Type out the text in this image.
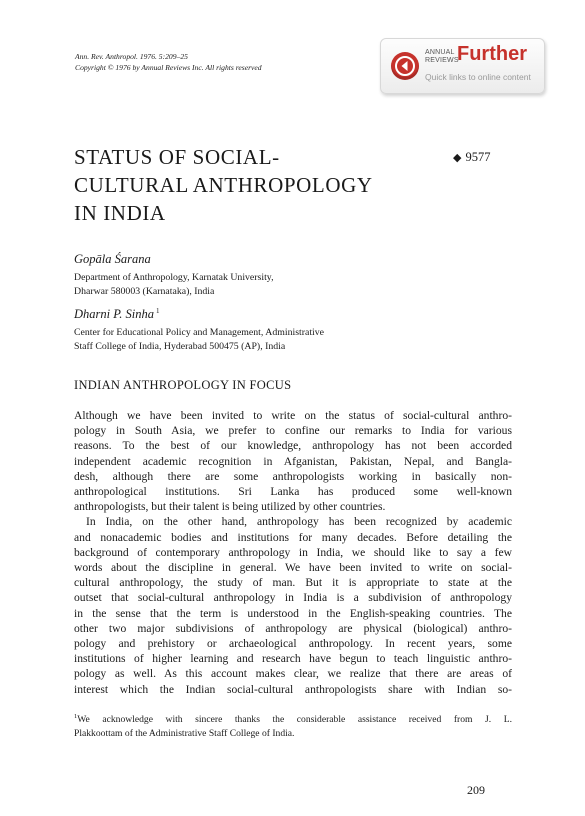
Ann. Rev. Anthropol. 1976. 5:209–25
Copyright © 1976 by Annual Reviews Inc. All rights reserved
ANNUAL
REVIEWS
Further
Quick links to online content
STATUS OF SOCIAL-
CULTURAL ANTHROPOLOGY
IN INDIA
◆ 9577
Gopāla Śarana
Department of Anthropology, Karnatak University,
Dharwar 580003 (Karnataka), India
Dharni P. Sinha $^1$
Center for Educational Policy and Management, Administrative
Staff College of India, Hyderabad 500475 (AP), India
INDIAN ANTHROPOLOGY IN FOCUS
Although we have been invited to write on the status of social-cultural anthro-
pology in South Asia, we prefer to confine our remarks to India for various
reasons. To the best of our knowledge, anthropology has not been accorded
independent academic recognition in Afganistan, Pakistan, Nepal, and Bangla-
desh, although there are some anthropologists working in basically non-
anthropological institutions. Sri Lanka has produced some well-known
anthropologists, but their talent is being utilized by other countries.
In India, on the other hand, anthropology has been recognized by academic
and nonacademic bodies and institutions for many decades. Before detailing the
background of contemporary anthropology in India, we should like to say a few
words about the discipline in general. We have been invited to write on social-
cultural anthropology, the study of man. But it is appropriate to state at the
outset that social-cultural anthropology in India is a subdivision of anthropology
in the sense that the term is understood in the English-speaking countries. The
other two major subdivisions of anthropology are physical (biological) anthro-
pology and prehistory or archaeological anthropology. In recent years, some
institutions of higher learning and research have begun to teach linguistic anthro-
pology as well. As this account makes clear, we realize that there are areas of
interest which the Indian social-cultural anthropologists share with Indian so-
$^1$We acknowledge with sincere thanks the considerable assistance received from J. L.
Plakkoottam of the Administrative Staff College of India.
209
